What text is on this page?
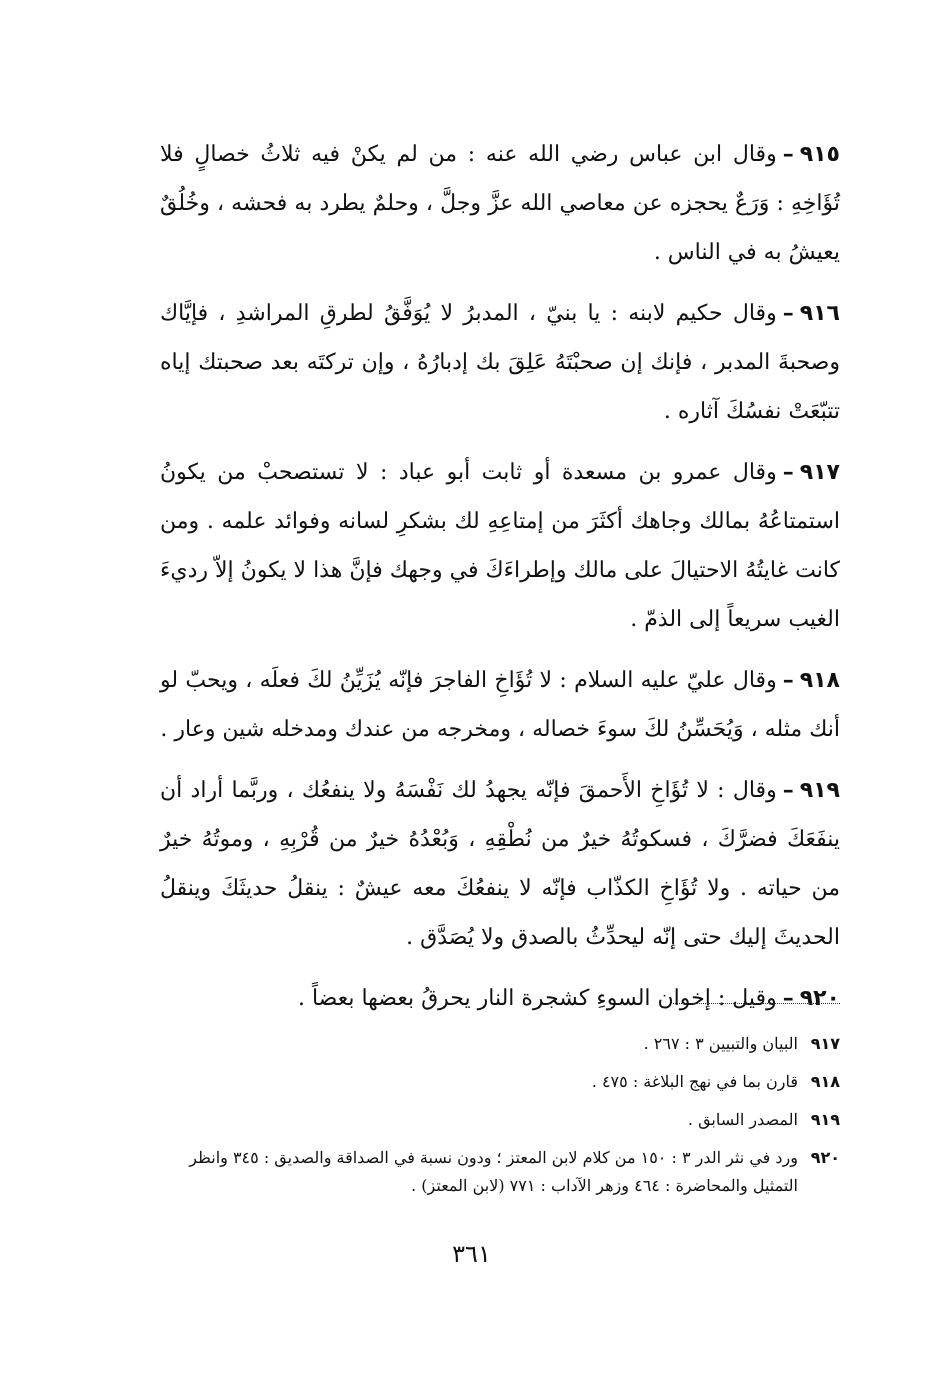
٩١٥–وقال ابن عباس رضي الله عنه : من لم يكنْ فيه ثلاثُ خصالٍ فلا تُؤَاخِهِ : وَرَعٌ يحجزه عن معاصي الله عزَّ وجلَّ ، وحلمٌ يطرد به فحشه ، وخُلُقٌ يعيشُ به في الناس .

٩١٦–وقال حكيم لابنه : يا بنيّ ، المدبرُ لا يُوَفَّقُ لطرقِ المراشدِ ، فإيَّاك وصحبةَ المدبر ، فإنك إن صحبْتَهُ عَلِقَ بك إدبارُهُ ، وإن تركتَه بعد صحبتك إياه تتبّعَتْ نفسُكَ آثاره .

٩١٧–وقال عمرو بن مسعدة أو ثابت أبو عباد : لا تستصحبْ من يكونُ استمتاعُهُ بمالك وجاهك أكثَرَ من إمتاعِهِ لك بشكرِ لسانه وفوائد علمه . ومن كانت غايتُهُ الاحتيالَ على مالك وإطراءَكَ في وجهك فإنَّ هذا لا يكونُ إلاّ رديءَ الغيب سريعاً إلى الذمّ .

٩١٨–وقال عليّ عليه السلام : لا تُؤَاخِ الفاجرَ فإنّه يُزَيِّنُ لكَ فعلَه ، ويحبّ لو أنك مثله ، وَيُحَسِّنُ لكَ سوءَ خصاله ، ومخرجه من عندك ومدخله شين وعار .

٩١٩–وقال : لا تُؤَاخِ الأَحمقَ فإنّه يجهدُ لك نَفْسَهُ ولا ينفعُك ، وربَّما أراد أن ينفَعَكَ فضرَّكَ ، فسكوتُهُ خيرٌ من نُطْقِهِ ، وَبُعْدُهُ خيرٌ من قُرْبِهِ ، وموتُهُ خيرٌ من حياته . ولا تُؤَاخِ الكذّاب فإنّه لا ينفعُكَ معه عيشٌ : ينقلُ حديثَكَ وينقلُ الحديثَ إليك حتى إنّه ليحدِّثُ بالصدق ولا يُصَدَّق .

٩٢٠–وقيل : إخوان السوءِ كشجرة النار يحرقُ بعضها بعضاً .

٩١٧
البيان والتبيين ٣ : ٢٦٧ .
٩١٨
قارن بما في نهج البلاغة : ٤٧٥ .
٩١٩
المصدر السابق .
٩٢٠
ورد في نثر الدر ٣ : ١٥٠ من كلام لابن المعتز ؛ ودون نسبة في الصداقة والصديق : ٣٤٥ وانظر التمثيل والمحاضرة : ٤٦٤ وزهر الآداب : ٧٧١ (لابن المعتز) .
٣٦١
